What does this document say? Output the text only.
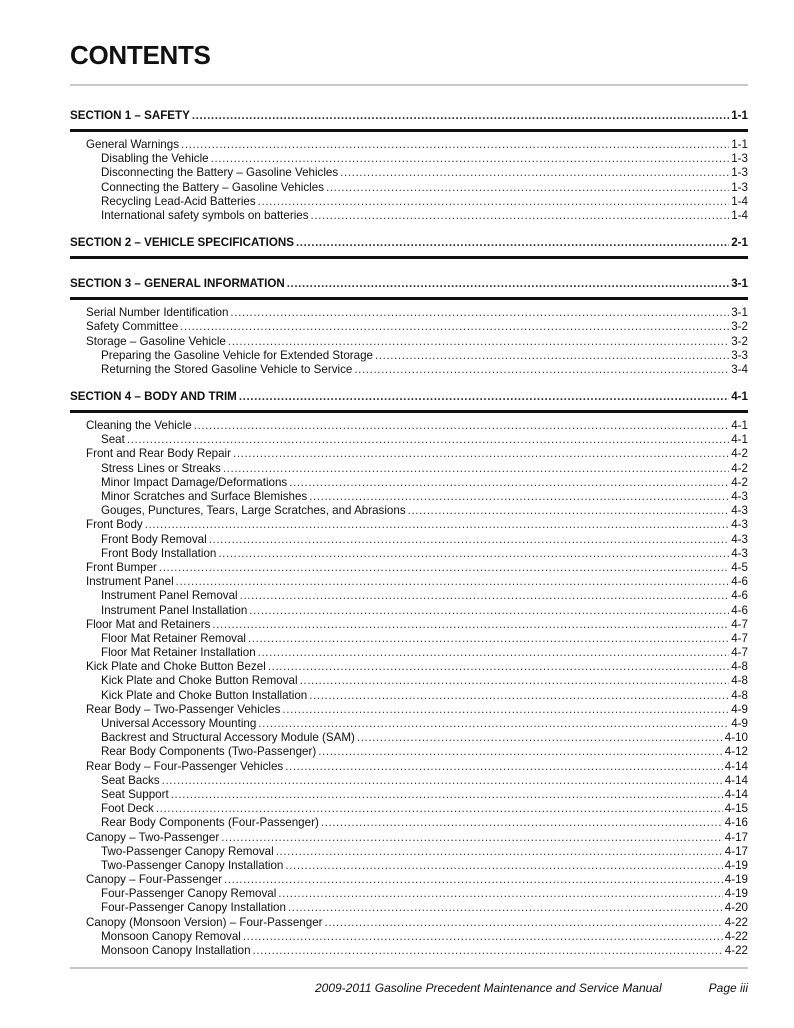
CONTENTS
SECTION 1 – SAFETY .....	1-1
General Warnings .....	1-1
Disabling the Vehicle .....	1-3
Disconnecting the Battery – Gasoline Vehicles .....	1-3
Connecting the Battery – Gasoline Vehicles .....	1-3
Recycling Lead-Acid Batteries .....	1-4
International safety symbols on batteries .....	1-4
SECTION 2 – VEHICLE SPECIFICATIONS .....	2-1
SECTION 3 – GENERAL INFORMATION .....	3-1
Serial Number Identification .....	3-1
Safety Committee .....	3-2
Storage – Gasoline Vehicle .....	3-2
Preparing the Gasoline Vehicle for Extended Storage .....	3-3
Returning the Stored Gasoline Vehicle to Service .....	3-4
SECTION 4 – BODY AND TRIM .....	4-1
Cleaning the Vehicle .....	4-1
Seat .....	4-1
Front and Rear Body Repair .....	4-2
Stress Lines or Streaks .....	4-2
Minor Impact Damage/Deformations .....	4-2
Minor Scratches and Surface Blemishes .....	4-3
Gouges, Punctures, Tears, Large Scratches, and Abrasions .....	4-3
Front Body .....	4-3
Front Body Removal .....	4-3
Front Body Installation .....	4-3
Front Bumper .....	4-5
Instrument Panel .....	4-6
Instrument Panel Removal .....	4-6
Instrument Panel Installation .....	4-6
Floor Mat and Retainers .....	4-7
Floor Mat Retainer Removal .....	4-7
Floor Mat Retainer Installation .....	4-7
Kick Plate and Choke Button Bezel .....	4-8
Kick Plate and Choke Button Removal .....	4-8
Kick Plate and Choke Button Installation .....	4-8
Rear Body – Two-Passenger Vehicles .....	4-9
Universal Accessory Mounting .....	4-9
Backrest and Structural Accessory Module (SAM) .....	4-10
Rear Body Components (Two-Passenger) .....	4-12
Rear Body – Four-Passenger Vehicles .....	4-14
Seat Backs .....	4-14
Seat Support .....	4-14
Foot Deck .....	4-15
Rear Body Components (Four-Passenger) .....	4-16
Canopy – Two-Passenger .....	4-17
Two-Passenger Canopy Removal .....	4-17
Two-Passenger Canopy Installation .....	4-19
Canopy – Four-Passenger .....	4-19
Four-Passenger Canopy Removal .....	4-19
Four-Passenger Canopy Installation .....	4-20
Canopy (Monsoon Version) – Four-Passenger .....	4-22
Monsoon Canopy Removal .....	4-22
Monsoon Canopy Installation .....	4-22
2009-2011 Gasoline Precedent Maintenance and Service Manual	Page iii
